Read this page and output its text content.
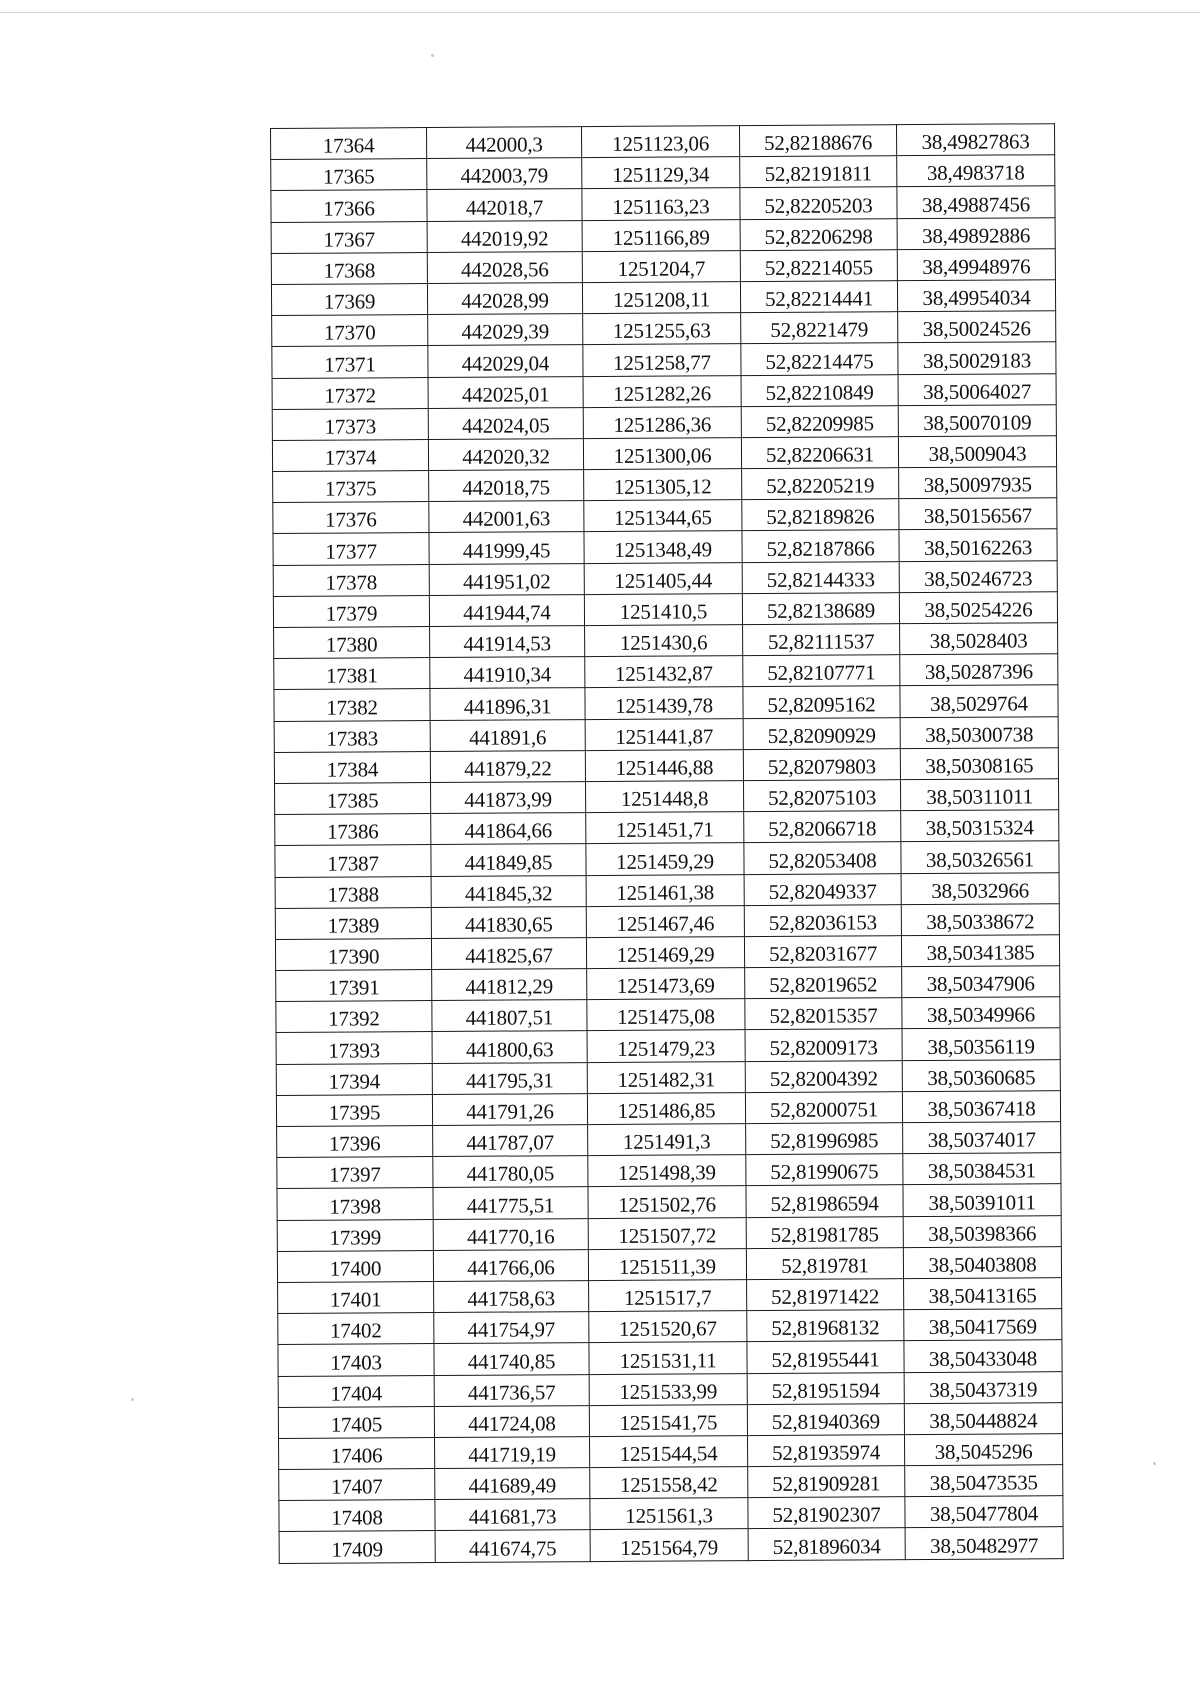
17364	442000,3	1251123,06	52,82188676	38,49827863
17365	442003,79	1251129,34	52,82191811	38,4983718
17366	442018,7	1251163,23	52,82205203	38,49887456
17367	442019,92	1251166,89	52,82206298	38,49892886
17368	442028,56	1251204,7	52,82214055	38,49948976
17369	442028,99	1251208,11	52,82214441	38,49954034
17370	442029,39	1251255,63	52,8221479	38,50024526
17371	442029,04	1251258,77	52,82214475	38,50029183
17372	442025,01	1251282,26	52,82210849	38,50064027
17373	442024,05	1251286,36	52,82209985	38,50070109
17374	442020,32	1251300,06	52,82206631	38,5009043
17375	442018,75	1251305,12	52,82205219	38,50097935
17376	442001,63	1251344,65	52,82189826	38,50156567
17377	441999,45	1251348,49	52,82187866	38,50162263
17378	441951,02	1251405,44	52,82144333	38,50246723
17379	441944,74	1251410,5	52,82138689	38,50254226
17380	441914,53	1251430,6	52,82111537	38,5028403
17381	441910,34	1251432,87	52,82107771	38,50287396
17382	441896,31	1251439,78	52,82095162	38,5029764
17383	441891,6	1251441,87	52,82090929	38,50300738
17384	441879,22	1251446,88	52,82079803	38,50308165
17385	441873,99	1251448,8	52,82075103	38,50311011
17386	441864,66	1251451,71	52,82066718	38,50315324
17387	441849,85	1251459,29	52,82053408	38,50326561
17388	441845,32	1251461,38	52,82049337	38,5032966
17389	441830,65	1251467,46	52,82036153	38,50338672
17390	441825,67	1251469,29	52,82031677	38,50341385
17391	441812,29	1251473,69	52,82019652	38,50347906
17392	441807,51	1251475,08	52,82015357	38,50349966
17393	441800,63	1251479,23	52,82009173	38,50356119
17394	441795,31	1251482,31	52,82004392	38,50360685
17395	441791,26	1251486,85	52,82000751	38,50367418
17396	441787,07	1251491,3	52,81996985	38,50374017
17397	441780,05	1251498,39	52,81990675	38,50384531
17398	441775,51	1251502,76	52,81986594	38,50391011
17399	441770,16	1251507,72	52,81981785	38,50398366
17400	441766,06	1251511,39	52,819781	38,50403808
17401	441758,63	1251517,7	52,81971422	38,50413165
17402	441754,97	1251520,67	52,81968132	38,50417569
17403	441740,85	1251531,11	52,81955441	38,50433048
17404	441736,57	1251533,99	52,81951594	38,50437319
17405	441724,08	1251541,75	52,81940369	38,50448824
17406	441719,19	1251544,54	52,81935974	38,5045296
17407	441689,49	1251558,42	52,81909281	38,50473535
17408	441681,73	1251561,3	52,81902307	38,50477804
17409	441674,75	1251564,79	52,81896034	38,50482977
